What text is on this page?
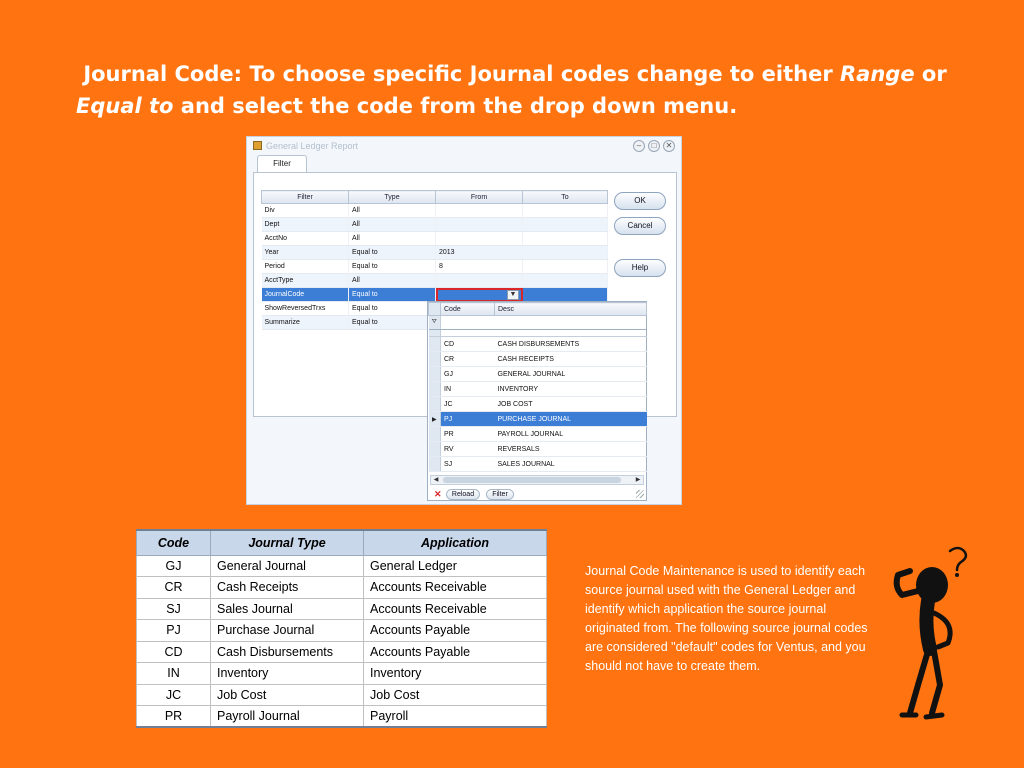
Journal Code: To choose specific Journal codes change to either Range or Equal to and select the code from the drop down menu.
General Ledger Report	–	□	✕
Filter
Filter	Type	From	To
Div	All		
Dept	All		
AcctNo	All		
Year	Equal to	2013	
Period	Equal to	8	
AcctType	All		
JournalCode	Equal to	▼	

ShowReversedTrxs	Equal to		
Summarize	Equal to		
OK
Cancel
Help
	Code	Desc
⛛		

	CD	CASH DISBURSEMENTS
	CR	CASH RECEIPTS
	GJ	GENERAL JOURNAL
	IN	INVENTORY
	JC	JOB COST
▶	PJ	PURCHASE JOURNAL
	PR	PAYROLL JOURNAL
	RV	REVERSALS
	SJ	SALES JOURNAL
◀	▶
✕	Reload	Filter
Code	Journal Type	Application
GJ	General Journal	General Ledger
CR	Cash Receipts	Accounts Receivable
SJ	Sales Journal	Accounts Receivable
PJ	Purchase Journal	Accounts Payable
CD	Cash Disbursements	Accounts Payable
IN	Inventory	Inventory
JC	Job Cost	Job Cost
PR	Payroll Journal	Payroll
Journal Code Maintenance is used to identify each source journal used with the General Ledger and identify which application the source journal originated from. The following source journal codes are considered "default" codes for Ventus, and you should not have to create them.
